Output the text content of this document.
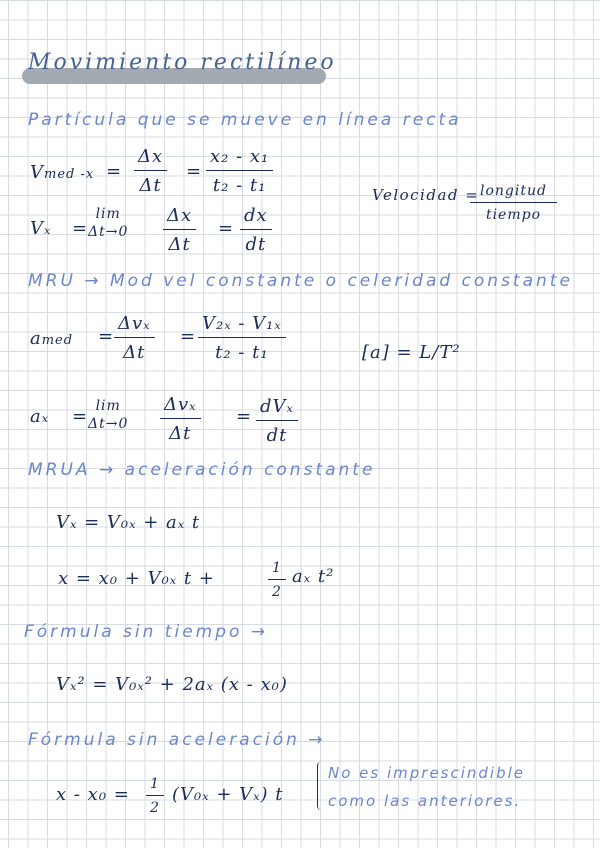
Movimiento rectilíneo
Partícula que se mueve en línea recta
Vmed $-x = \frac{\Delta x}{\Delta t} = \frac{\text{x₂ - x₁}}{\text{t₂ - t₁}}$	Velocidad = longitud
tiempo
Vₓ =
lim
$\Delta t\to 0 \frac{\Delta x}{\Delta t} = \frac{dx}{dt}$
MRU → Mod vel constante o celeridad constante
amed =
Δvₓ
Δt
= $\frac{\text{V₂ₓ - V₁ₓ}}{\text{t₂ - t₁}}$	[a] = L/T²
aₓ = lim
Δt→0
Δvₓ
Δt
= dVₓ
dt
MRUA → aceleración constante
Vₓ = V₀ₓ + aₓ t
x = x₀ + V₀ₓ t +	$\frac{1}{2}$ aₓ t²
Fórmula sin tiempo →
Vₓ² = V₀ₓ² + 2aₓ (x - x₀)
Fórmula sin aceleración →
$x - x_0 = \frac{1}{2} (V_{0x} + V_x)$ t
No es imprescindible
como las anteriores.
